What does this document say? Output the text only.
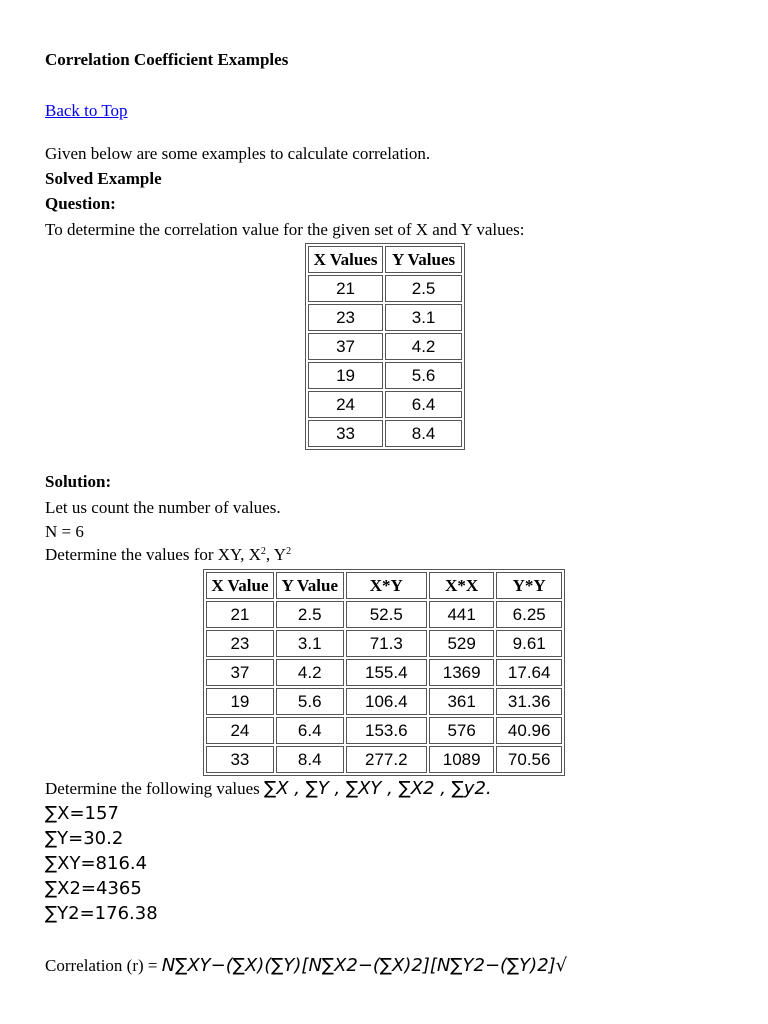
Correlation Coefficient Examples
Back to Top
Given below are some examples to calculate correlation.
Solved Example
Question:
To determine the correlation value for the given set of X and Y values:
X Values	Y Values
21	2.5
23	3.1
37	4.2
19	5.6
24	6.4
33	8.4
Solution:
Let us count the number of values.
N = 6
Determine the values for XY, $X^2$, $Y^2$
X Value	Y Value	X*Y	X*X	Y*Y
21	2.5	52.5	441	6.25
23	3.1	71.3	529	9.61
37	4.2	155.4	1369	17.64
19	5.6	106.4	361	31.36
24	6.4	153.6	576	40.96
33	8.4	277.2	1089	70.56
Determine the following values ∑X , ∑Y , ∑XY , ∑X2 , ∑y2.
∑X=157
∑Y=30.2
∑XY=816.4
∑X2=4365
∑Y2=176.38
Correlation (r) = N∑XY−(∑X)(∑Y)[N∑X2−(∑X)2][N∑Y2−(∑Y)2]√
